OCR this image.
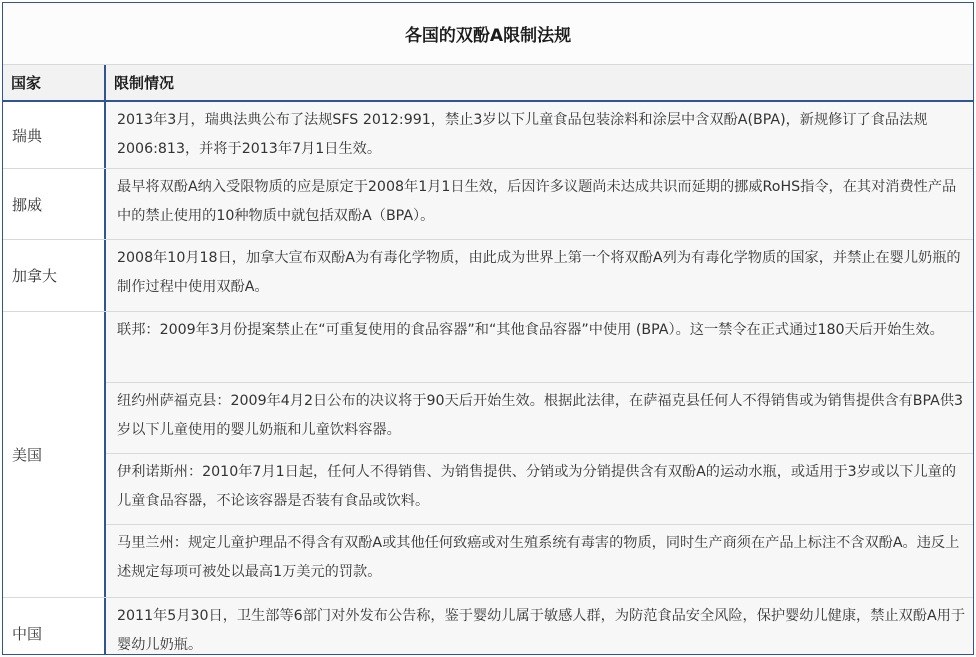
各国的双酚A限制法规
国家	限制情况
瑞典
2013年3月，瑞典法典公布了法规SFS 2012:991，禁止3岁以下儿童食品包装涂料和涂层中含双酚A(BPA)，新规修订了食品法规2006:813，并将于2013年7月1日生效。
挪威
最早将双酚A纳入受限物质的应是原定于2008年1月1日生效，后因许多议题尚未达成共识而延期的挪威RoHS指令，在其对消费性产品中的禁止使用的10种物质中就包括双酚A（BPA）。
加拿大
2008年10月18日，加拿大宣布双酚A为有毒化学物质，由此成为世界上第一个将双酚A列为有毒化学物质的国家，并禁止在婴儿奶瓶的制作过程中使用双酚A。
美国
联邦：2009年3月份提案禁止在“可重复使用的食品容器”和“其他食品容器”中使用 (BPA）。这一禁令在正式通过180天后开始生效。
纽约州萨福克县：2009年4月2日公布的决议将于90天后开始生效。根据此法律，在萨福克县任何人不得销售或为销售提供含有BPA供3岁以下儿童使用的婴儿奶瓶和儿童饮料容器。
伊利诺斯州：2010年7月1日起，任何人不得销售、为销售提供、分销或为分销提供含有双酚A的运动水瓶，或适用于3岁或以下儿童的儿童食品容器，不论该容器是否装有食品或饮料。
马里兰州：规定儿童护理品不得含有双酚A或其他任何致癌或对生殖系统有毒害的物质，同时生产商须在产品上标注不含双酚A。违反上述规定每项可被处以最高1万美元的罚款。
中国
2011年5月30日，卫生部等6部门对外发布公告称，鉴于婴幼儿属于敏感人群，为防范食品安全风险，保护婴幼儿健康，禁止双酚A用于婴幼儿奶瓶。
